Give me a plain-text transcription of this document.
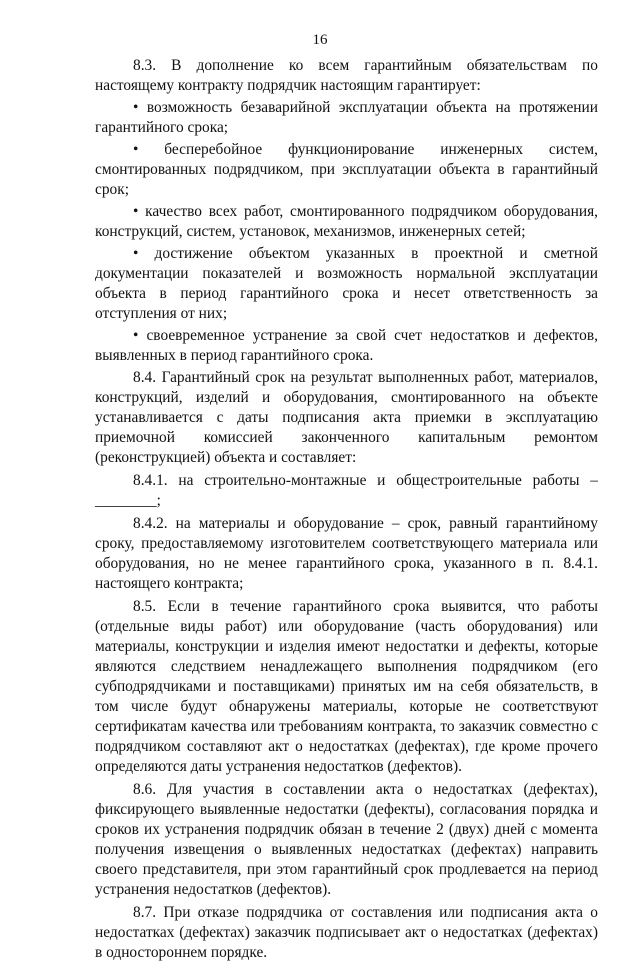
16

8.3. В дополнение ко всем гарантийным обязательствам по настоящему контракту подрядчик настоящим гарантирует:

• возможность безаварийной эксплуатации объекта на протяжении гарантийного срока;

• бесперебойное функционирование инженерных систем, смонтированных подрядчиком, при эксплуатации объекта в гарантийный срок;

• качество всех работ, смонтированного подрядчиком оборудования, конструкций, систем, установок, механизмов, инженерных сетей;

• достижение объектом указанных в проектной и сметной документации показателей и возможность нормальной эксплуатации объекта в период гарантийного срока и несет ответственность за отступления от них;

• своевременное устранение за свой счет недостатков и дефектов, выявленных в период гарантийного срока.

8.4. Гарантийный срок на результат выполненных работ, материалов, конструкций, изделий и оборудования, смонтированного на объекте устанавливается с даты подписания акта приемки в эксплуатацию приемочной комиссией законченного капитальным ремонтом (реконструкцией) объекта и составляет:

8.4.1. на строительно-монтажные и общестроительные работы – ________;

8.4.2. на материалы и оборудование – срок, равный гарантийному сроку, предоставляемому изготовителем соответствующего материала или оборудования, но не менее гарантийного срока, указанного в п. 8.4.1. настоящего контракта;

8.5. Если в течение гарантийного срока выявится, что работы (отдельные виды работ) или оборудование (часть оборудования) или материалы, конструкции и изделия имеют недостатки и дефекты, которые являются следствием ненадлежащего выполнения подрядчиком (его субподрядчиками и поставщиками) принятых им на себя обязательств, в том числе будут обнаружены материалы, которые не соответствуют сертификатам качества или требованиям контракта, то заказчик совместно с подрядчиком составляют акт о недостатках (дефектах), где кроме прочего определяются даты устранения недостатков (дефектов).

8.6. Для участия в составлении акта о недостатках (дефектах), фиксирующего выявленные недостатки (дефекты), согласования порядка и сроков их устранения подрядчик обязан в течение 2 (двух) дней с момента получения извещения о выявленных недостатках (дефектах) направить своего представителя, при этом гарантийный срок продлевается на период устранения недостатков (дефектов).

8.7. При отказе подрядчика от составления или подписания акта о недостатках (дефектах) заказчик подписывает акт о недостатках (дефектах) в одностороннем порядке.
